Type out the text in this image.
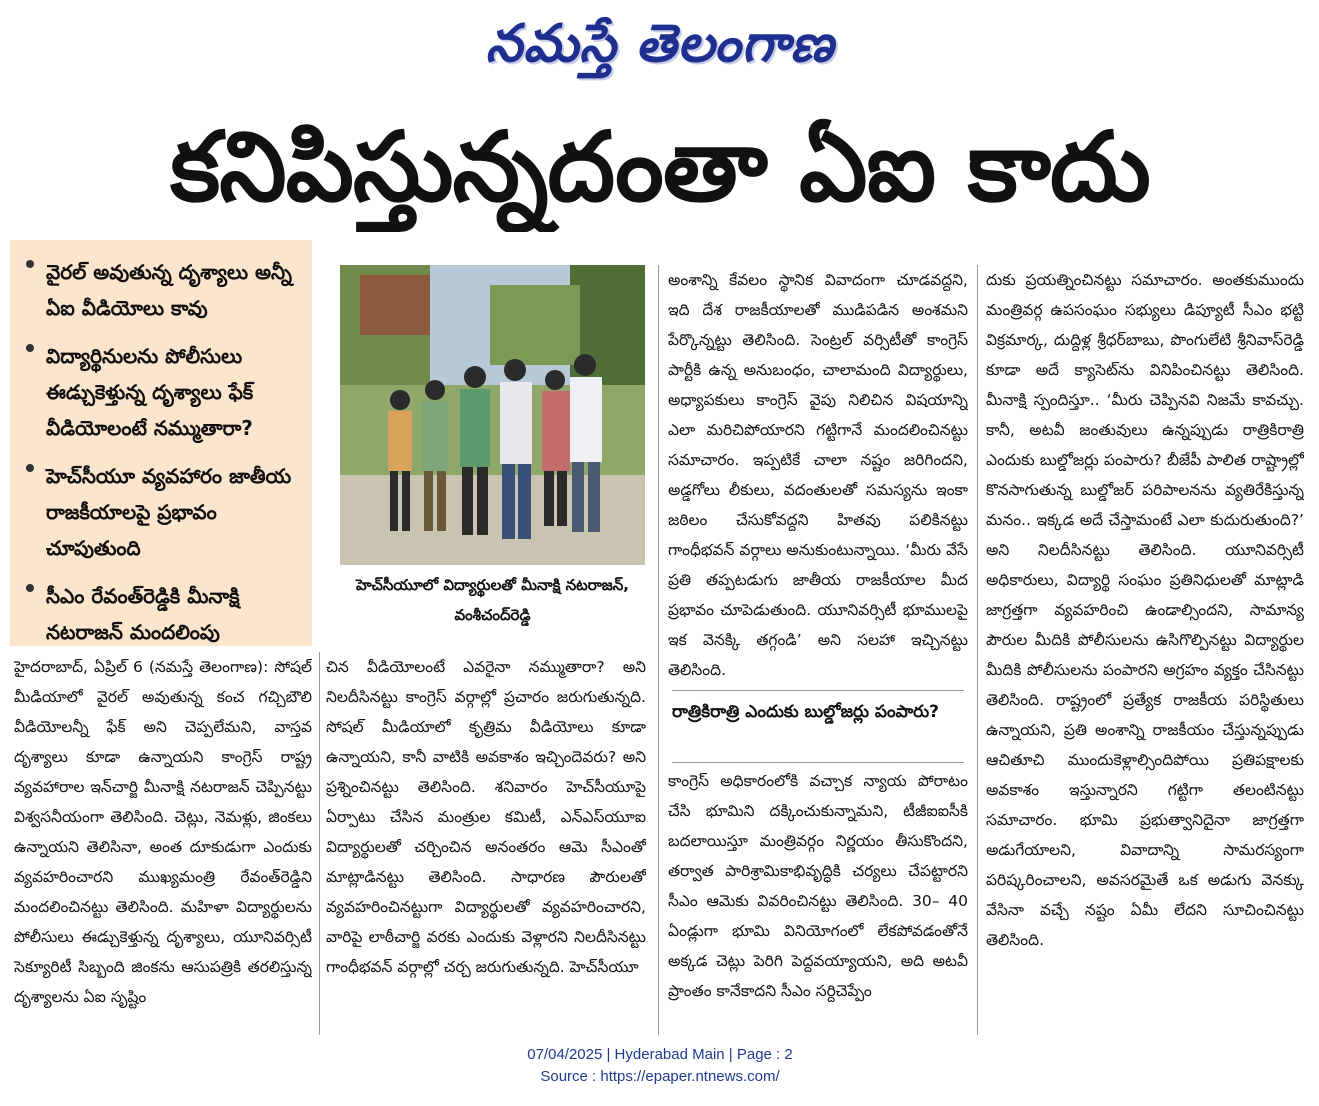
నమస్తే తెలంగాణ
కనిపిస్తున్నదంతా ఏఐ కాదు
వైరల్ అవుతున్న దృశ్యాలు అన్నీ ఏఐ వీడియోలు కావు
విద్యార్థినులను పోలీసులు ఈడ్చుకెళ్తున్న దృశ్యాలు ఫేక్ వీడియోలంటే నమ్ముతారా?
హెచ్‌సీయూ వ్యవహారం జాతీయ రాజకీయాలపై ప్రభావం చూపుతుంది
సీఎం రేవంత్‌రెడ్డికి మీనాక్షి నటరాజన్ మందలింపు
హెచ్‌సీయూలో విద్యార్థులతో మీనాక్షి నటరాజన్, వంశీచంద్‌రెడ్డి

హైదరాబాద్, ఏప్రిల్ 6 (నమస్తే తెలంగాణ): సోషల్ మీడియాలో వైరల్ అవుతున్న కంచ గచ్చిబౌలి వీడియోలన్నీ ఫేక్ అని చెప్పలేమని, వాస్తవ దృశ్యాలు కూడా ఉన్నాయని కాంగ్రెస్ రాష్ట్ర వ్యవహారాల ఇన్‌చార్జి మీనాక్షి నటరాజన్ చెప్పినట్టు విశ్వసనీయంగా తెలిసింది. చెట్లు, నెమళ్లు, జింకలు ఉన్నాయని తెలిసినా, అంత దూకుడుగా ఎందుకు వ్యవహరించారని ముఖ్యమంత్రి రేవంత్‌రెడ్డిని మందలించినట్టు తెలిసింది. మహిళా విద్యార్థులను పోలీసులు ఈడ్చుకెళ్తున్న దృశ్యాలు, యూనివర్సిటీ సెక్యూరిటీ సిబ్బంది జింకను ఆసుపత్రికి తరలిస్తున్న దృశ్యాలను ఏఐ సృష్టిం

చిన వీడియోలంటే ఎవరైనా నమ్ముతారా? అని నిలదీసినట్టు కాంగ్రెస్ వర్గాల్లో ప్రచారం జరుగుతున్నది. సోషల్ మీడియాలో కృత్రిమ వీడియోలు కూడా ఉన్నాయని, కానీ వాటికి అవకాశం ఇచ్చిందెవరు? అని ప్రశ్నించినట్టు తెలిసింది. శనివారం హెచ్‌సీయూపై ఏర్పాటు చేసిన మంత్రుల కమిటీ, ఎన్‌ఎస్‌యూఐ విద్యార్థులతో చర్చించిన అనంతరం ఆమె సీఎంతో మాట్లాడినట్టు తెలిసింది. సాధారణ పౌరులతో వ్యవహరించినట్టుగా విద్యార్థులతో వ్యవహరించారని, వారిపై లాఠీచార్జి వరకు ఎందుకు వెళ్లారని నిలదీసినట్టు గాంధీభవన్ వర్గాల్లో చర్చ జరుగుతున్నది. హెచ్‌సీయూ

అంశాన్ని కేవలం స్థానిక వివాదంగా చూడవద్దని, ఇది దేశ రాజకీయాలతో ముడిపడిన అంశమని పేర్కొన్నట్టు తెలిసింది. సెంట్రల్ వర్సిటీతో కాంగ్రెస్ పార్టీకి ఉన్న అనుబంధం, చాలామంది విద్యార్థులు, అధ్యాపకులు కాంగ్రెస్ వైపు నిలిచిన విషయాన్ని ఎలా మరిచిపోయారని గట్టిగానే మందలించినట్టు సమాచారం. ఇప్పటికే చాలా నష్టం జరిగిందని, అడ్డగోలు లీకులు, వదంతులతో సమస్యను ఇంకా జఠిలం చేసుకోవద్దని హితవు పలికినట్టు గాంధీభవన్ వర్గాలు అనుకుంటున్నాయి. ‘మీరు వేసే ప్రతి తప్పటడుగు జాతీయ రాజకీయాల మీద ప్రభావం చూపెడుతుంది. యూనివర్సిటీ భూములపై ఇక వెనక్కి తగ్గండి’ అని సలహా ఇచ్చినట్టు తెలిసింది.

రాత్రికిరాత్రి ఎందుకు బుల్డోజర్లు పంపారు?

కాంగ్రెస్ అధికారంలోకి వచ్చాక న్యాయ పోరాటం చేసి భూమిని దక్కించుకున్నామని, టీజీఐఐసీకి బదలాయిస్తూ మంత్రివర్గం నిర్ణయం తీసుకొందని, తర్వాత పారిశ్రామికాభివృద్ధికి చర్యలు చేపట్టారని సీఎం ఆమెకు వివరించినట్టు తెలిసింది. 30– 40 ఏండ్లుగా భూమి వినియోగంలో లేకపోవడంతోనే అక్కడ చెట్లు పెరిగి పెద్దవయ్యాయని, అది అటవీ ప్రాంతం కానేకాదని సీఎం సర్దిచెప్పేం

దుకు ప్రయత్నించినట్టు సమాచారం. అంతకుముందు మంత్రివర్గ ఉపసంఘం సభ్యులు డిప్యూటీ సీఎం భట్టి విక్రమార్క, దుద్దిళ్ల శ్రీధర్‌బాబు, పొంగులేటి శ్రీనివాస్‌రెడ్డి కూడా అదే క్యాసెట్‌ను వినిపించినట్టు తెలిసింది. మీనాక్షి స్పందిస్తూ.. ‘మీరు చెప్పినవి నిజమే కావచ్చు. కానీ, అటవీ జంతువులు ఉన్నప్పుడు రాత్రికిరాత్రి ఎందుకు బుల్డోజర్లు పంపారు? బీజేపీ పాలిత రాష్ట్రాల్లో కొనసాగుతున్న బుల్డోజర్ పరిపాలనను వ్యతిరేకిస్తున్న మనం.. ఇక్కడ అదే చేస్తామంటే ఎలా కుదురుతుంది?’ అని నిలదీసినట్టు తెలిసింది. యూనివర్సిటీ అధికారులు, విద్యార్థి సంఘం ప్రతినిధులతో మాట్లాడి జాగ్రత్తగా వ్యవహరించి ఉండాల్సిందని, సామాన్య పౌరుల మీదికి పోలీసులను ఉసిగొల్పినట్టు విద్యార్థుల మీదికి పోలీసులను పంపారని అగ్రహం వ్యక్తం చేసినట్టు తెలిసింది. రాష్ట్రంలో ప్రత్యేక రాజకీయ పరిస్థితులు ఉన్నాయని, ప్రతి అంశాన్ని రాజకీయం చేస్తున్నప్పుడు ఆచితూచి ముందుకెళ్లాల్సిందిపోయి ప్రతిపక్షాలకు అవకాశం ఇస్తున్నారని గట్టిగా తలంటినట్టు సమాచారం. భూమి ప్రభుత్వానిదైనా జాగ్రత్తగా అడుగేయాలని, వివాదాన్ని సామరస్యంగా పరిష్కరించాలని, అవసరమైతే ఒక అడుగు వెనక్కు వేసినా వచ్చే నష్టం ఏమీ లేదని సూచించినట్టు తెలిసింది.

07/04/2025 | Hyderabad Main | Page : 2
Source : https://epaper.ntnews.com/
